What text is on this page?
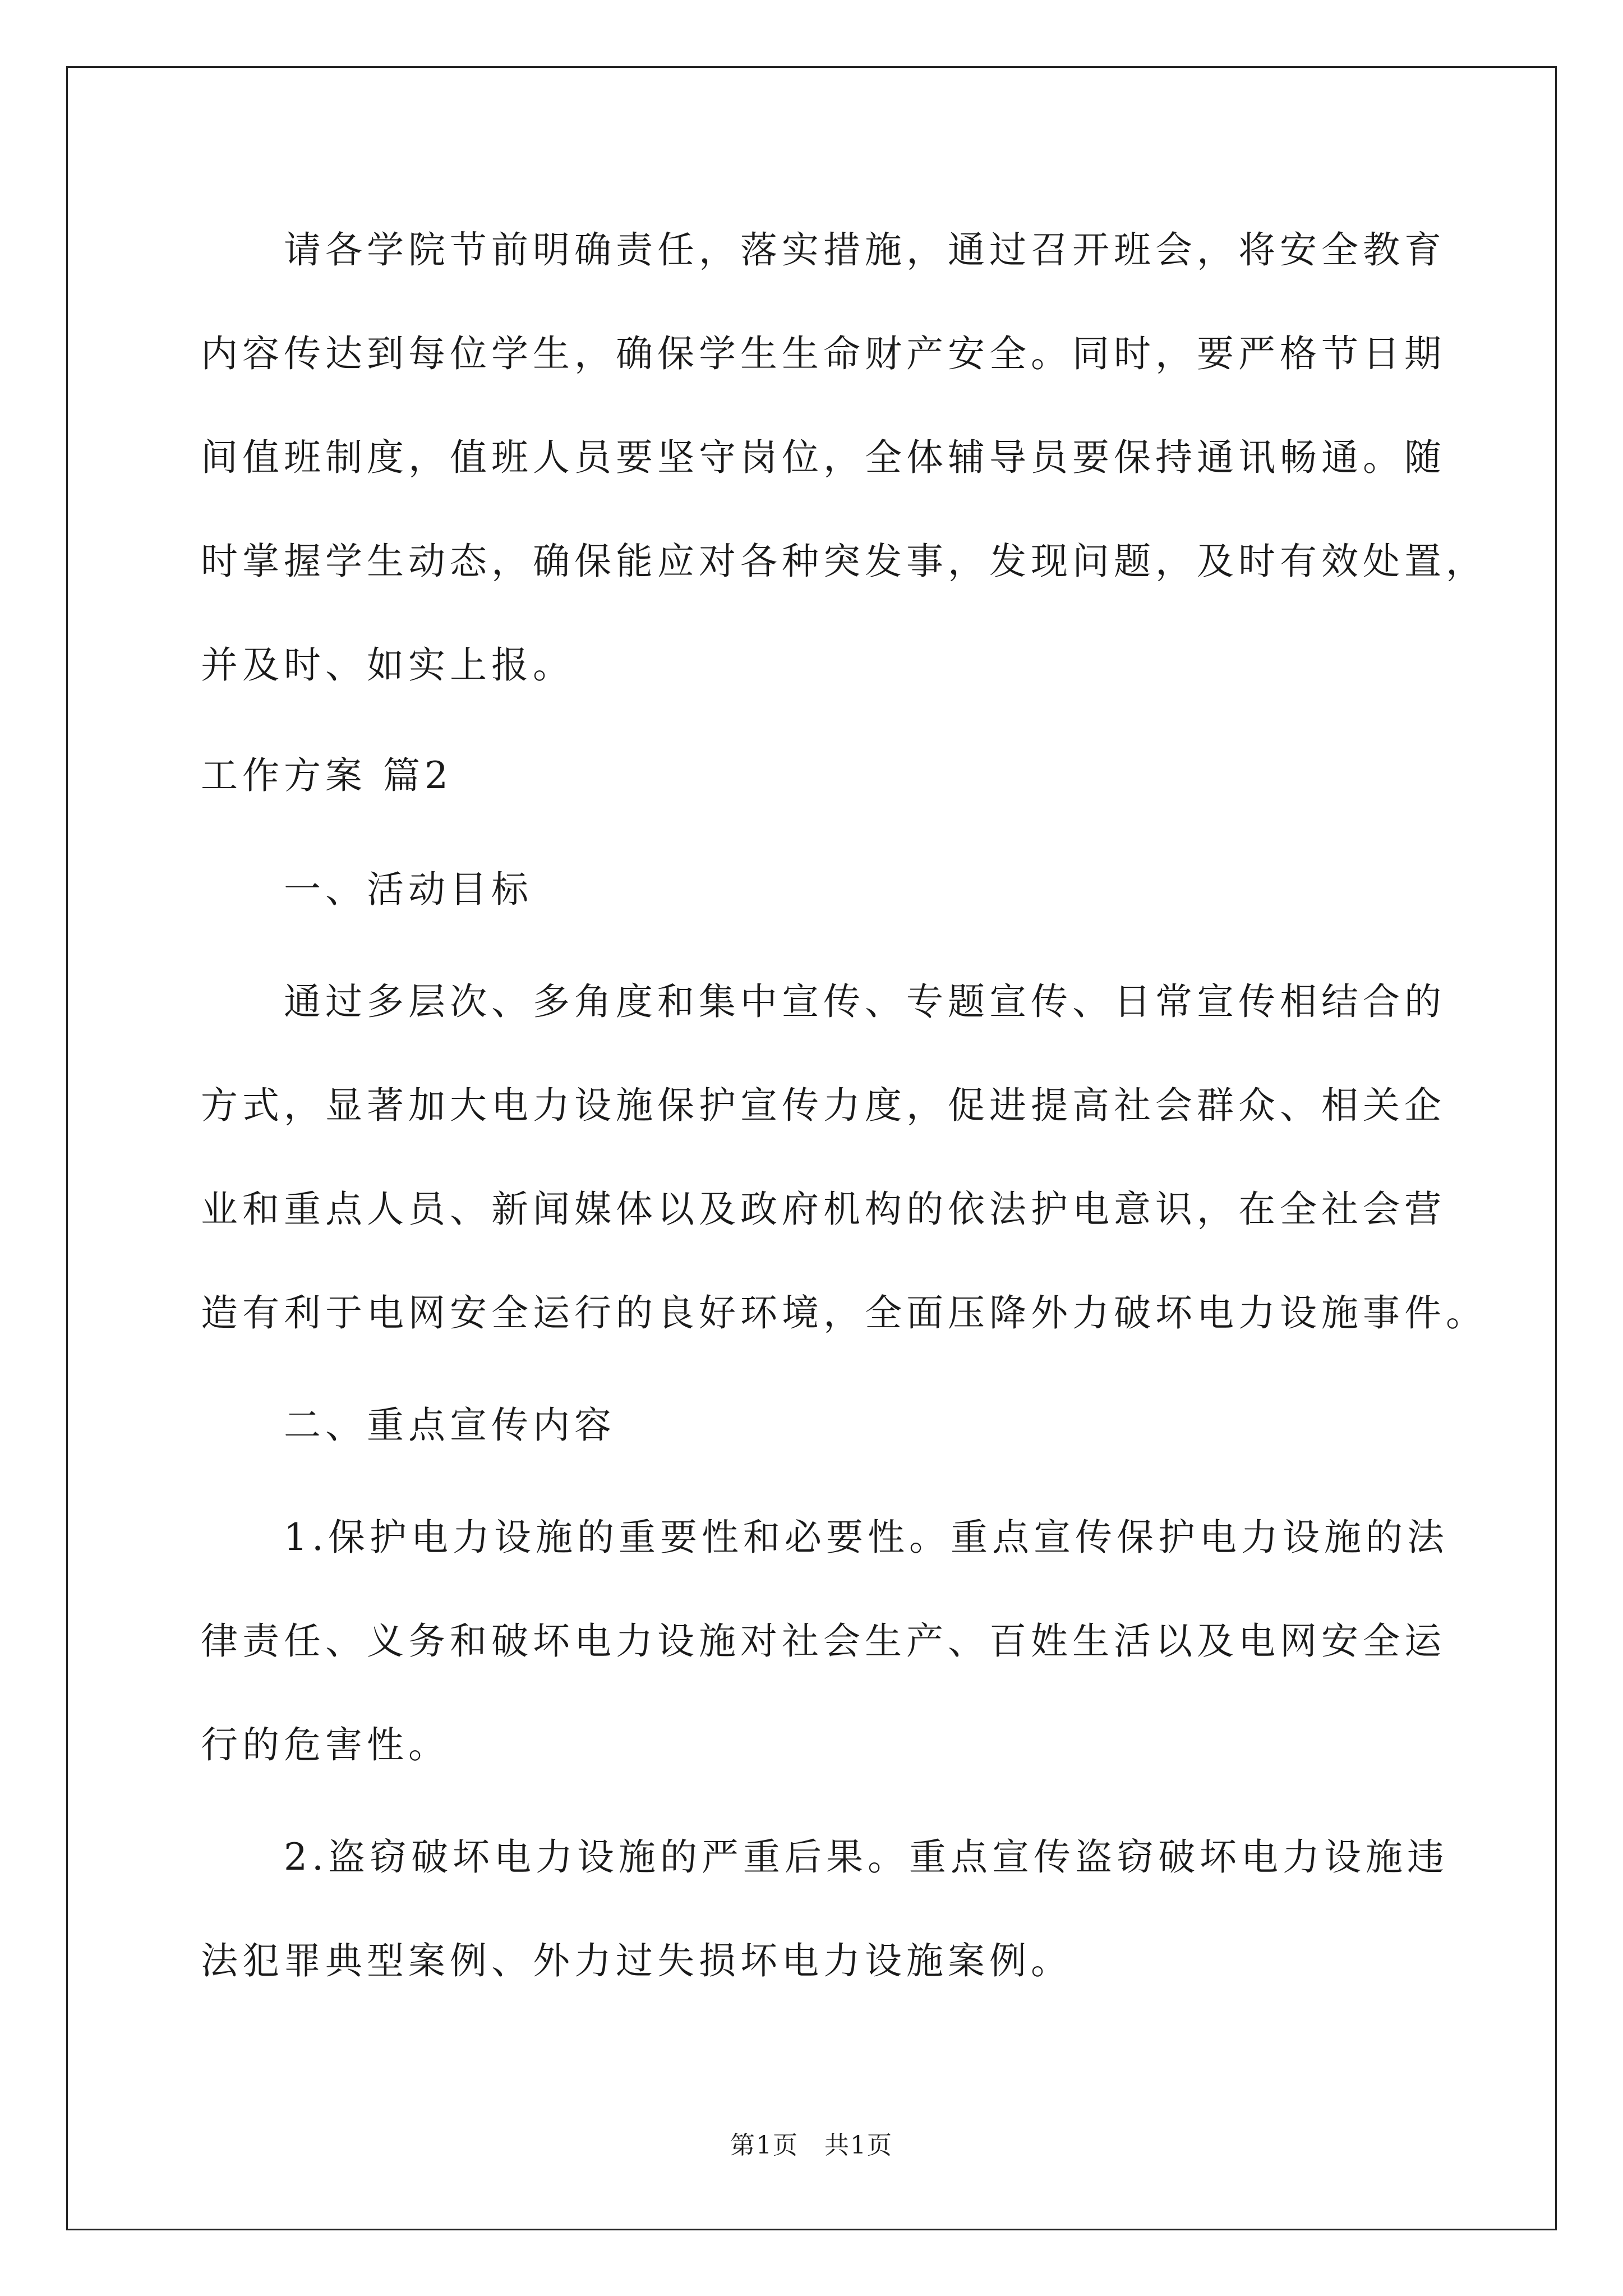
　　请各学院节前明确责任，落实措施，通过召开班会，将安全教育
内容传达到每位学生，确保学生生命财产安全。同时，要严格节日期
间值班制度，值班人员要坚守岗位，全体辅导员要保持通讯畅通。随
时掌握学生动态，确保能应对各种突发事，发现问题，及时有效处置，
并及时、如实上报。
工作方案 篇2
　　一、活动目标
　　通过多层次、多角度和集中宣传、专题宣传、日常宣传相结合的
方式，显著加大电力设施保护宣传力度，促进提高社会群众、相关企
业和重点人员、新闻媒体以及政府机构的依法护电意识，在全社会营
造有利于电网安全运行的良好环境，全面压降外力破坏电力设施事件。
　　二、重点宣传内容
　　1.保护电力设施的重要性和必要性。重点宣传保护电力设施的法
律责任、义务和破坏电力设施对社会生产、百姓生活以及电网安全运
行的危害性。
　　2.盗窃破坏电力设施的严重后果。重点宣传盗窃破坏电力设施违
法犯罪典型案例、外力过失损坏电力设施案例。
第1页　共1页
